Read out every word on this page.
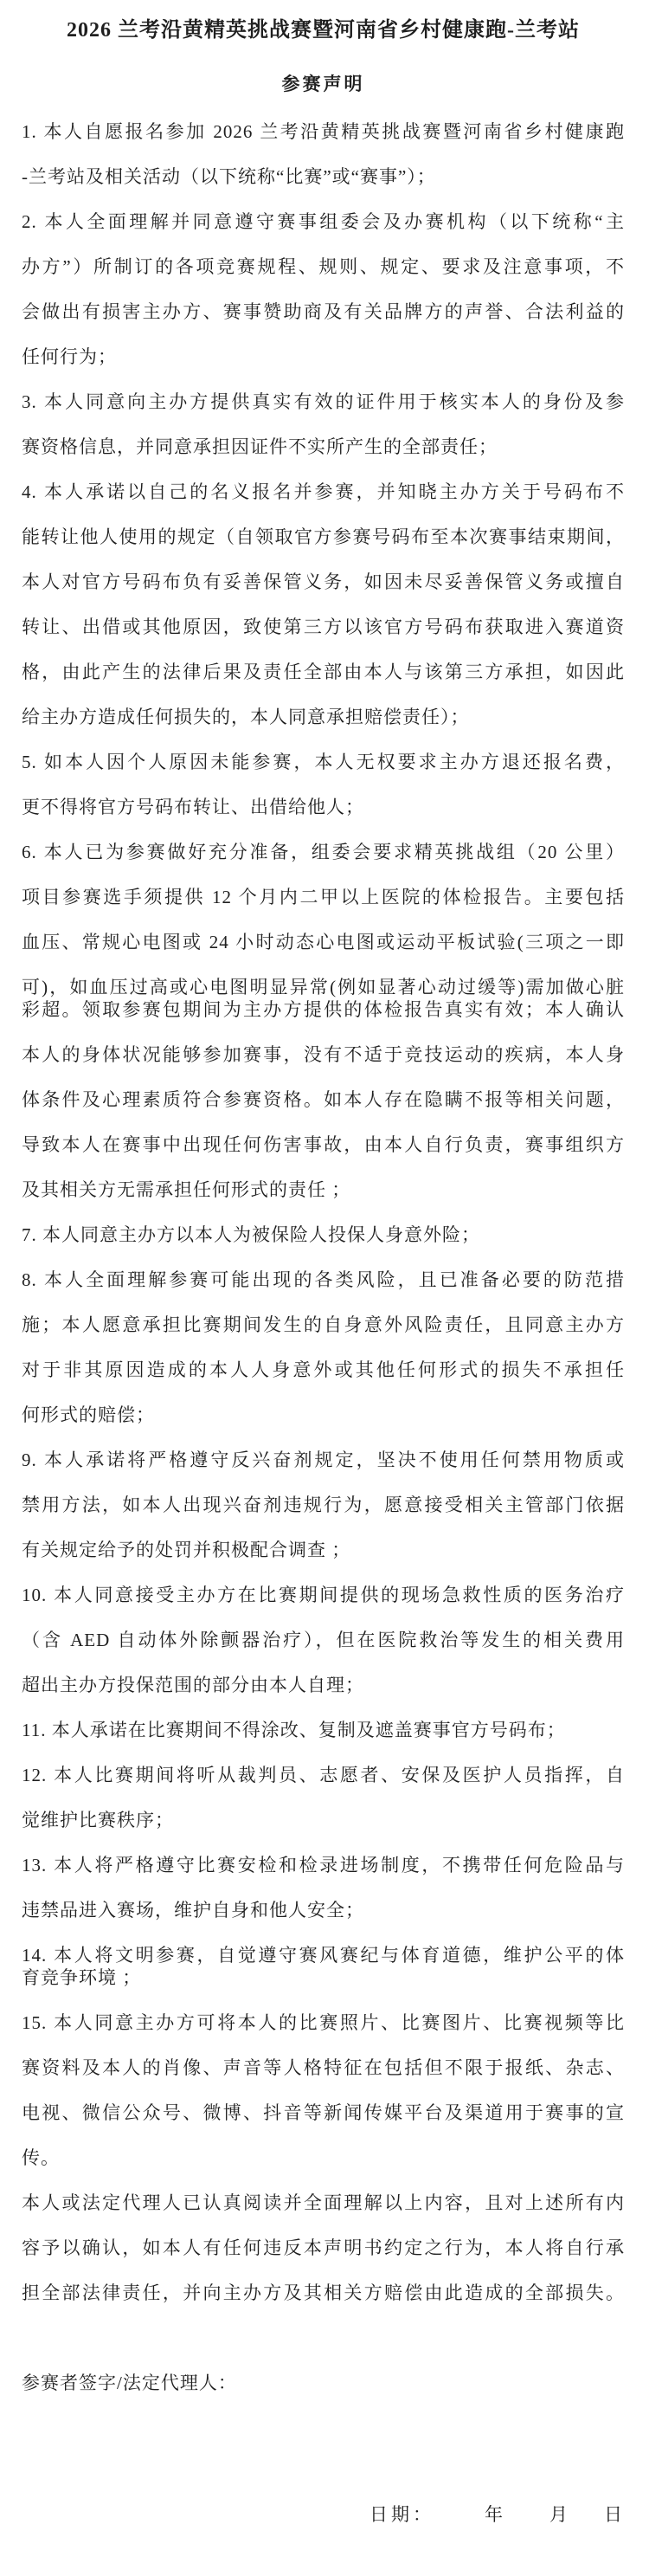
2026 兰考沿黄精英挑战赛暨河南省乡村健康跑-兰考站
参赛声明
1. 本人自愿报名参加 2026 兰考沿黄精英挑战赛暨河南省乡村健康跑
-兰考站及相关活动（以下统称“比赛”或“赛事”）；
2. 本人全面理解并同意遵守赛事组委会及办赛机构（以下统称“主
办方”）所制订的各项竞赛规程、规则、规定、要求及注意事项，不
会做出有损害主办方、赛事赞助商及有关品牌方的声誉、合法利益的
任何行为；
3. 本人同意向主办方提供真实有效的证件用于核实本人的身份及参
赛资格信息，并同意承担因证件不实所产生的全部责任；
4. 本人承诺以自己的名义报名并参赛，并知晓主办方关于号码布不
能转让他人使用的规定（自领取官方参赛号码布至本次赛事结束期间，
本人对官方号码布负有妥善保管义务，如因未尽妥善保管义务或擅自
转让、出借或其他原因，致使第三方以该官方号码布获取进入赛道资
格，由此产生的法律后果及责任全部由本人与该第三方承担，如因此
给主办方造成任何损失的，本人同意承担赔偿责任）；
5. 如本人因个人原因未能参赛，本人无权要求主办方退还报名费，
更不得将官方号码布转让、出借给他人；
6. 本人已为参赛做好充分准备，组委会要求精英挑战组（20 公里）
项目参赛选手须提供 12 个月内二甲以上医院的体检报告。主要包括
血压、常规心电图或 24 小时动态心电图或运动平板试验(三项之一即
可)，如血压过高或心电图明显异常(例如显著心动过缓等)需加做心脏
彩超。领取参赛包期间为主办方提供的体检报告真实有效；本人确认
本人的身体状况能够参加赛事，没有不适于竞技运动的疾病，本人身
体条件及心理素质符合参赛资格。如本人存在隐瞒不报等相关问题，
导致本人在赛事中出现任何伤害事故，由本人自行负责，赛事组织方
及其相关方无需承担任何形式的责任 ；
7. 本人同意主办方以本人为被保险人投保人身意外险；
8. 本人全面理解参赛可能出现的各类风险，且已准备必要的防范措
施；本人愿意承担比赛期间发生的自身意外风险责任，且同意主办方
对于非其原因造成的本人人身意外或其他任何形式的损失不承担任
何形式的赔偿；
9. 本人承诺将严格遵守反兴奋剂规定，坚决不使用任何禁用物质或
禁用方法，如本人出现兴奋剂违规行为，愿意接受相关主管部门依据
有关规定给予的处罚并积极配合调查 ；
10. 本人同意接受主办方在比赛期间提供的现场急救性质的医务治疗
（含 AED 自动体外除颤器治疗），但在医院救治等发生的相关费用
超出主办方投保范围的部分由本人自理；
11. 本人承诺在比赛期间不得涂改、复制及遮盖赛事官方号码布；
12. 本人比赛期间将听从裁判员、志愿者、安保及医护人员指挥，自
觉维护比赛秩序；
13. 本人将严格遵守比赛安检和检录进场制度，不携带任何危险品与
违禁品进入赛场，维护自身和他人安全；
14. 本人将文明参赛，自觉遵守赛风赛纪与体育道德，维护公平的体
育竞争环境 ；
15. 本人同意主办方可将本人的比赛照片、比赛图片、比赛视频等比
赛资料及本人的肖像、声音等人格特征在包括但不限于报纸、杂志、
电视、微信公众号、微博、抖音等新闻传媒平台及渠道用于赛事的宣
传。
本人或法定代理人已认真阅读并全面理解以上内容，且对上述所有内
容予以确认，如本人有任何违反本声明书约定之行为，本人将自行承
担全部法律责任，并向主办方及其相关方赔偿由此造成的全部损失。
参赛者签字/法定代理人：
日期：	年 月 日
